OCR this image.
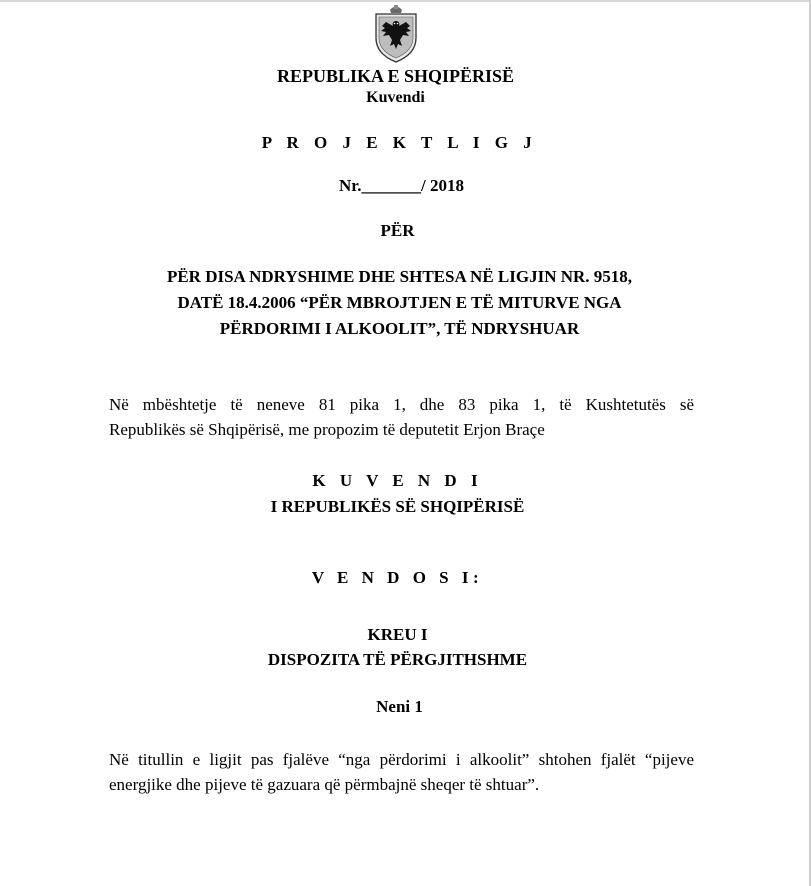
REPUBLIKA E SHQIPËRISË
Kuvendi
P R O J E K T L I G J
Nr._______/ 2018
PËR
PËR DISA NDRYSHIME DHE SHTESA NË LIGJIN NR. 9518,
DATË 18.4.2006 “PËR MBROJTJEN E TË MITURVE NGA
PËRDORIMI I ALKOOLIT”, TË NDRYSHUAR
Në mbështetje të neneve 81 pika 1, dhe 83 pika 1, të Kushtetutës së
Republikës së Shqipërisë, me propozim të deputetit Erjon Braçe
K U V E N D I
I REPUBLIKËS SË SHQIPËRISË
V E N D O S I:
KREU I
DISPOZITA TË PËRGJITHSHME
Neni 1
Në titullin e ligjit pas fjalëve “nga përdorimi i alkoolit” shtohen fjalët “pijeve
energjike dhe pijeve të gazuara që përmbajnë sheqer të shtuar”.
